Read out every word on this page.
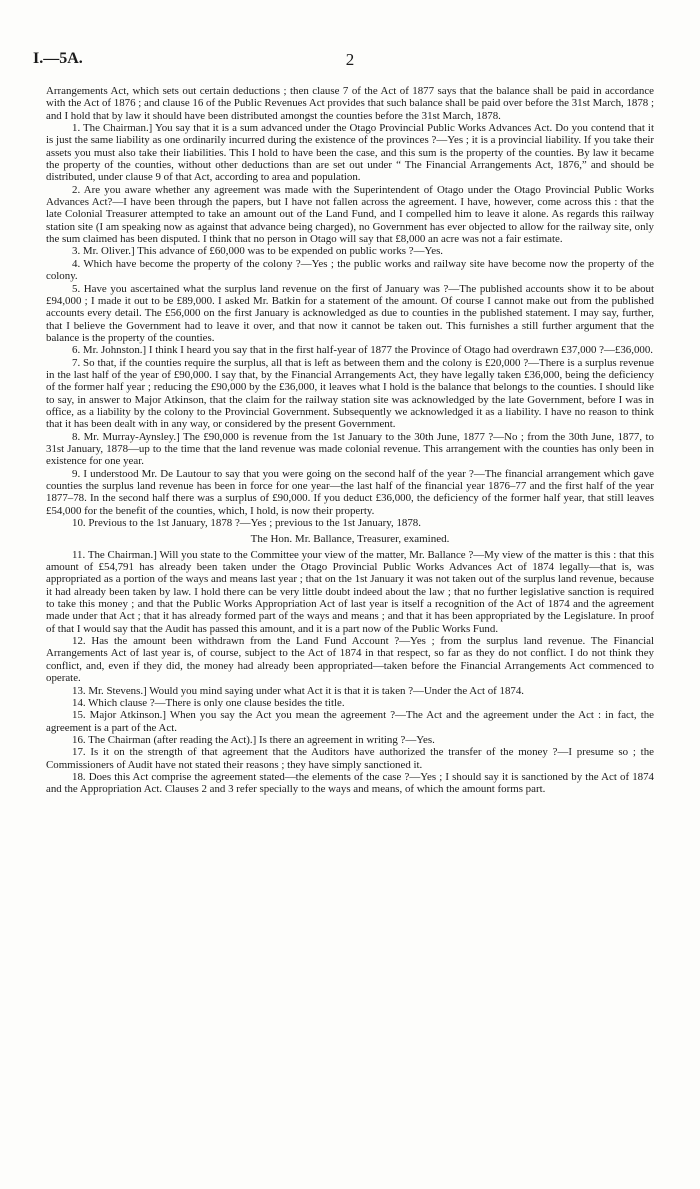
I.—5A.	2

Arrangements Act, which sets out certain deductions ; then clause 7 of the Act of 1877 says that the balance shall be paid in accordance with the Act of 1876 ; and clause 16 of the Public Revenues Act provides that such balance shall be paid over before the 31st March, 1878 ; and I hold that by law it should have been distributed amongst the counties before the 31st March, 1878.

1. The Chairman.] You say that it is a sum advanced under the Otago Provincial Public Works Advances Act. Do you contend that it is just the same liability as one ordinarily incurred during the existence of the provinces ?—Yes ; it is a provincial liability. If you take their assets you must also take their liabilities. This I hold to have been the case, and this sum is the property of the counties. By law it became the property of the counties, without other deductions than are set out under “ The Financial Arrangements Act, 1876,” and should be distributed, under clause 9 of that Act, according to area and population.

2. Are you aware whether any agreement was made with the Superintendent of Otago under the Otago Provincial Public Works Advances Act?—I have been through the papers, but I have not fallen across the agreement. I have, however, come across this : that the late Colonial Treasurer attempted to take an amount out of the Land Fund, and I compelled him to leave it alone. As regards this railway station site (I am speaking now as against that advance being charged), no Government has ever objected to allow for the railway site, only the sum claimed has been disputed. I think that no person in Otago will say that £8,000 an acre was not a fair estimate.

3. Mr. Oliver.] This advance of £60,000 was to be expended on public works ?—Yes.

4. Which have become the property of the colony ?—Yes ; the public works and railway site have become now the property of the colony.

5. Have you ascertained what the surplus land revenue on the first of January was ?—The published accounts show it to be about £94,000 ; I made it out to be £89,000. I asked Mr. Batkin for a statement of the amount. Of course I cannot make out from the published accounts every detail. The £56,000 on the first January is acknowledged as due to counties in the published statement. I may say, further, that I believe the Government had to leave it over, and that now it cannot be taken out. This furnishes a still further argument that the balance is the property of the counties.

6. Mr. Johnston.] I think I heard you say that in the first half-year of 1877 the Province of Otago had overdrawn £37,000 ?—£36,000.

7. So that, if the counties require the surplus, all that is left as between them and the colony is £20,000 ?—There is a surplus revenue in the last half of the year of £90,000. I say that, by the Financial Arrangements Act, they have legally taken £36,000, being the deficiency of the former half year ; reducing the £90,000 by the £36,000, it leaves what I hold is the balance that belongs to the counties. I should like to say, in answer to Major Atkinson, that the claim for the railway station site was acknowledged by the late Government, before I was in office, as a liability by the colony to the Provincial Government. Subsequently we acknowledged it as a liability. I have no reason to think that it has been dealt with in any way, or considered by the present Government.

8. Mr. Murray-Aynsley.] The £90,000 is revenue from the 1st January to the 30th June, 1877 ?—No ; from the 30th June, 1877, to 31st January, 1878—up to the time that the land revenue was made colonial revenue. This arrangement with the counties has only been in existence for one year.

9. I understood Mr. De Lautour to say that you were going on the second half of the year ?—The financial arrangement which gave counties the surplus land revenue has been in force for one year—the last half of the financial year 1876–77 and the first half of the year 1877–78. In the second half there was a surplus of £90,000. If you deduct £36,000, the deficiency of the former half year, that still leaves £54,000 for the benefit of the counties, which, I hold, is now their property.

10. Previous to the 1st January, 1878 ?—Yes ; previous to the 1st January, 1878.

The Hon. Mr. Ballance, Treasurer, examined.

11. The Chairman.] Will you state to the Committee your view of the matter, Mr. Ballance ?—My view of the matter is this : that this amount of £54,791 has already been taken under the Otago Provincial Public Works Advances Act of 1874 legally—that is, was appropriated as a portion of the ways and means last year ; that on the 1st January it was not taken out of the surplus land revenue, because it had already been taken by law. I hold there can be very little doubt indeed about the law ; that no further legislative sanction is required to take this money ; and that the Public Works Appropriation Act of last year is itself a recognition of the Act of 1874 and the agreement made under that Act ; that it has already formed part of the ways and means ; and that it has been appropriated by the Legislature. In proof of that I would say that the Audit has passed this amount, and it is a part now of the Public Works Fund.

12. Has the amount been withdrawn from the Land Fund Account ?—Yes ; from the surplus land revenue. The Financial Arrangements Act of last year is, of course, subject to the Act of 1874 in that respect, so far as they do not conflict. I do not think they conflict, and, even if they did, the money had already been appropriated—taken before the Financial Arrangements Act commenced to operate.

13. Mr. Stevens.] Would you mind saying under what Act it is that it is taken ?—Under the Act of 1874.

14. Which clause ?—There is only one clause besides the title.

15. Major Atkinson.] When you say the Act you mean the agreement ?—The Act and the agreement under the Act : in fact, the agreement is a part of the Act.

16. The Chairman (after reading the Act).] Is there an agreement in writing ?—Yes.

17. Is it on the strength of that agreement that the Auditors have authorized the transfer of the money ?—I presume so ; the Commissioners of Audit have not stated their reasons ; they have simply sanctioned it.

18. Does this Act comprise the agreement stated—the elements of the case ?—Yes ; I should say it is sanctioned by the Act of 1874 and the Appropriation Act. Clauses 2 and 3 refer specially to the ways and means, of which the amount forms part.
